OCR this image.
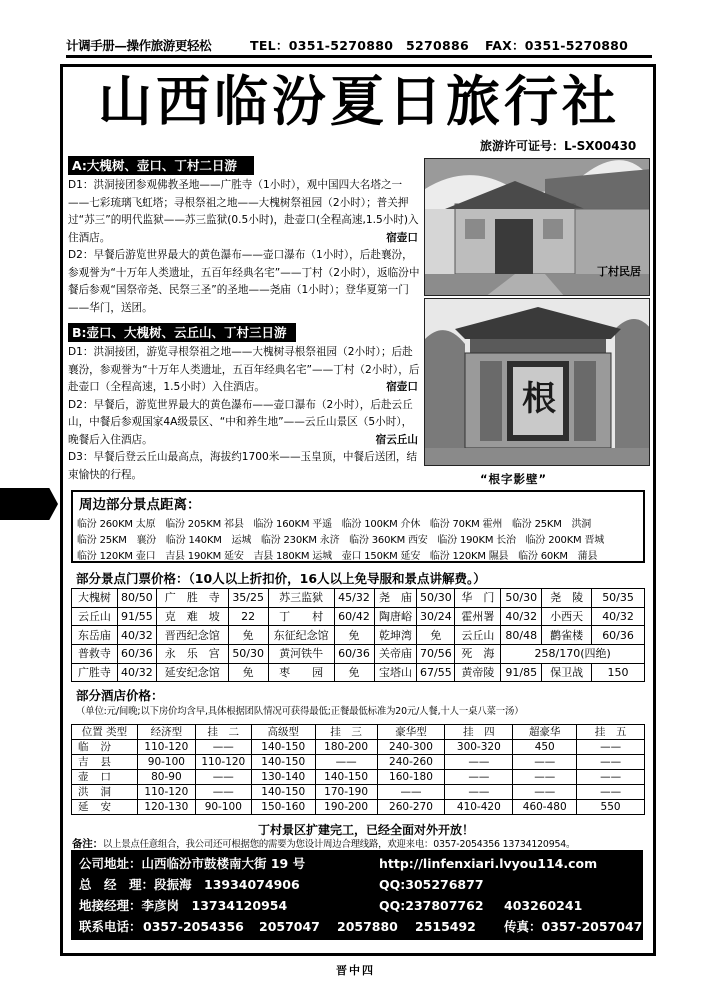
计调手册—操作旅游更轻松	TEL：0351-5270880　5270886 FAX：0351-5270880
山西临汾夏日旅行社
旅游许可证号：L-SX00430
A:大槐树、壶口、丁村二日游

D1：洪洞接团参观佛教圣地——广胜寺（1小时），观中国四大名塔之一——七彩琉璃飞虹塔；寻根祭祖之地——大槐树祭祖园（2小时）；普关押过“苏三”的明代监狱——苏三监狱(0.5小时)，赴壶口(全程高速,1.5小时)入住酒店。	宿壶口

D2：早餐后游览世界最大的黄色瀑布——壶口瀑布（1小时），后赴襄汾，参观誉为“十万年人类遗址，五百年经典名宅”——丁村（2小时），返临汾中餐后参观“国祭帝尧、民祭三圣”的圣地——尧庙（1小时）；登华夏第一门——华门，送团。

B:壶口、大槐树、云丘山、丁村三日游

D1：洪洞接团，游览寻根祭祖之地——大槐树寻根祭祖园（2小时）；后赴襄汾，参观誉为“十万年人类遗址，五百年经典名宅”——丁村（2小时），后赴壶口（全程高速，1.5小时）入住酒店。	宿壶口

D2：早餐后，游览世界最大的黄色瀑布——壶口瀑布（2小时），后赴云丘山，中餐后参观国家4A级景区、“中和养生地”——云丘山景区（5小时），晚餐后入住酒店。	宿云丘山

D3：早餐后登云丘山最高点，海拔约1700米——玉皇顶，中餐后送团，结束愉快的行程。

丁村民居
根
“根字影壁”
周边部分景点距离：
临汾 260KM 太原　临汾 205KM 祁县　临汾 160KM 平遥　临汾 100KM 介休　临汾 70KM 霍州　临汾 25KM　洪洞
临汾 25KM　襄汾　临汾 140KM　运城　临汾 230KM 永济　临汾 360KM 西安　临汾 190KM 长治　临汾 200KM 晋城
临汾 120KM 壶口　吉县 190KM 延安　吉县 180KM 运城　壶口 150KM 延安　临汾 120KM 隰县　临汾 60KM　蒲县
部分景点门票价格：（10人以上折扣价，16人以上免导服和景点讲解费。）
大槐树	80/50	广　胜　寺	35/25	苏三监狱	45/32	尧　庙	50/30	华　门	50/30	尧　陵	50/35
云丘山	91/55	克　难　坡	22	丁　　村	60/42	陶唐峪	30/24	霍州署	40/32	小西天	40/32
东岳庙	40/32	晋西纪念馆	免	东征纪念馆	免	乾坤湾	免	云丘山	80/48	鹳雀楼	60/36
普救寺	60/36	永　乐　宫	50/30	黄河铁牛	60/36	关帝庙	70/56	死　海	258/170(四绝)		
广胜寺	40/32	延安纪念馆	免	枣　　园	免	宝塔山	67/55	黄帝陵	91/85	保卫战	150
部分酒店价格：
（单位:元/间晚;以下房价均含早,具体根据团队情况可获得最低;正餐最低标准为20元/人餐,十人一桌八菜一汤）
位置 类型	经济型	挂　二	高级型	挂　三	豪华型	挂　四	超豪华	挂　五
临汾	110-120	——	140-150	180-200	240-300	300-320	450	——
吉县	90-100	110-120	140-150	——	240-260	——	——	——
壶口	80-90	——	130-140	140-150	160-180	——	——	——
洪洞	110-120	——	140-150	170-190	——	——	——	——
延安	120-130	90-100	150-160	190-200	260-270	410-420	460-480	550
丁村景区扩建完工，已经全面对外开放！
备注：以上景点任意组合，我公司还可根据您的需要为您设计周边合理线路，欢迎来电：0357-2054356 13734120954。
公司地址：山西临汾市鼓楼南大街 19 号	http://linfenxiari.lvyou114.com
总　经　理：段振海　13934074906	QQ:305276877
地接经理：李彦岗　13734120954	QQ:237807762 403260241
联系电话： 0357-2054356 2057047 2057880 2515492 传真：0357-2057047
晋中四
